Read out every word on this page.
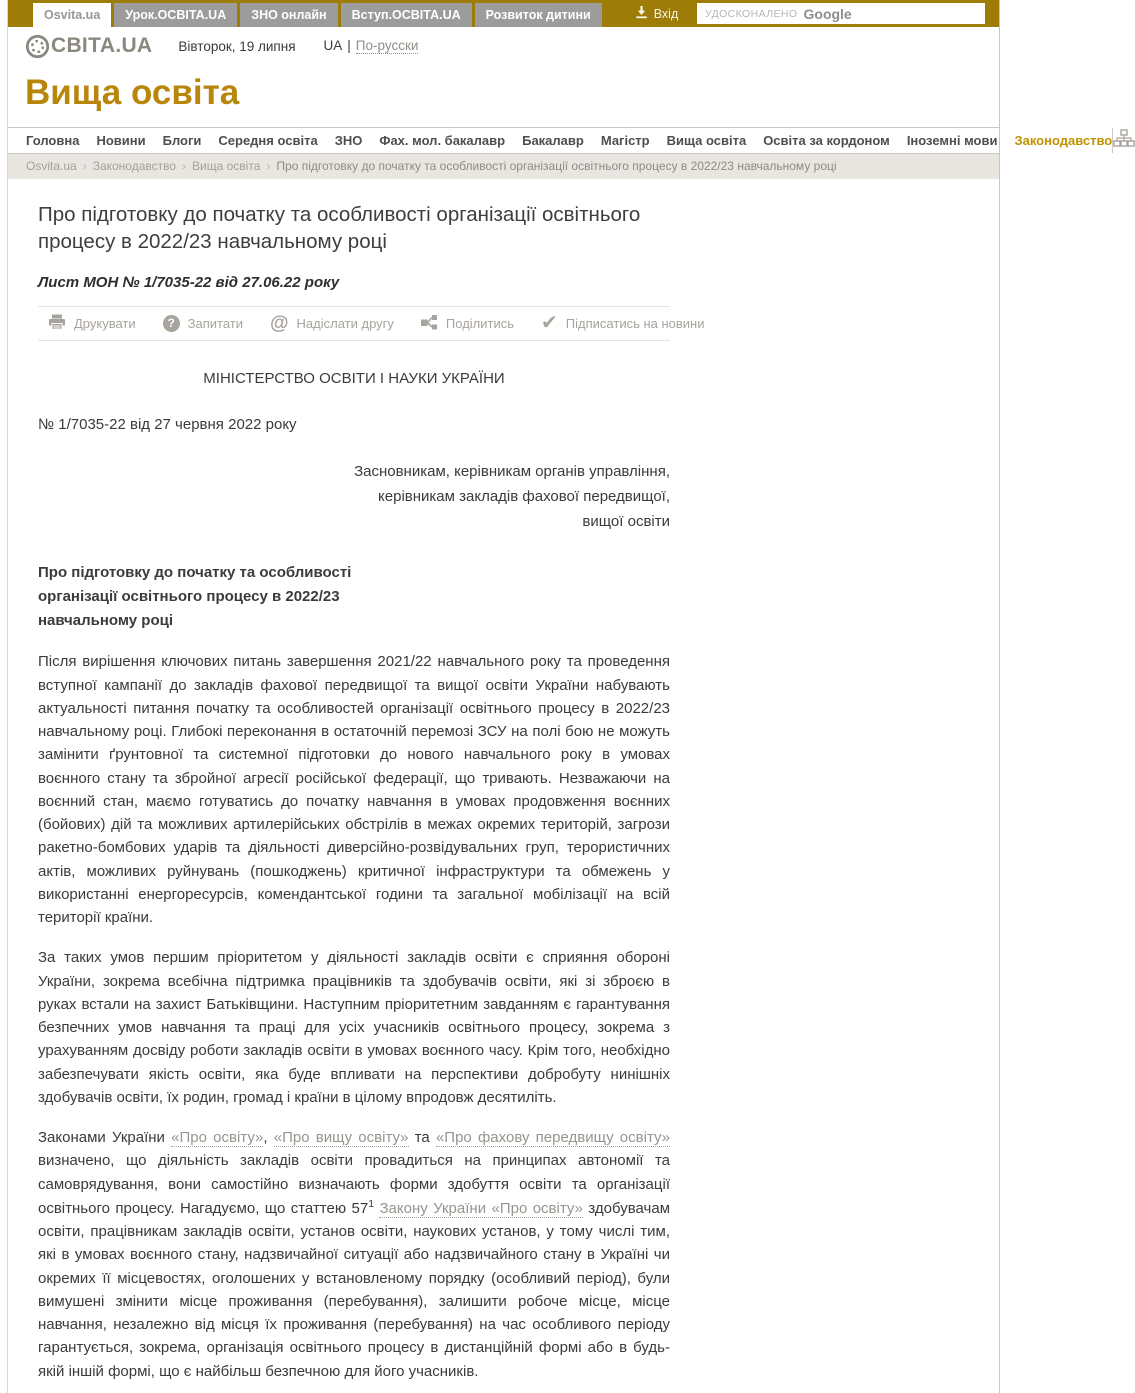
Osvita.ua	Урок.ОСВІТА.UA	ЗНО онлайн	Вступ.ОСВІТА.UA	Розвиток дитини	Вхід	УДОСКОНАЛЕНО Google
СВІТА.UA Вівторок, 19 липня UA | По-русски
Вища освіта
Головна Новини Блоги Середня освіта ЗНО Фах. мол. бакалавр Бакалавр Магістр Вища освіта Освіта за кордоном Іноземні мови Законодавство
Osvita.ua › Законодавство › Вища освіта › Про підготовку до початку та особливості організації освітнього процесу в 2022/23 навчальному році
Про підготовку до початку та особливості організації освітнього процесу в 2022/23 навчальному році
Лист МОН № 1/7035-22 від 27.06.22 року
Друкувати	? Запитати @ Надіслати другу	Поділитись ✔ Підписатись на новини
МІНІСТЕРСТВО ОСВІТИ І НАУКИ УКРАЇНИ
№ 1/7035-22 від 27 червня 2022 року
Засновникам, керівникам органів управління,
керівникам закладів фахової передвищої,
вищої освіти
Про підготовку до початку та особливості організації освітнього процесу в 2022/23 навчальному році

Після вирішення ключових питань завершення 2021/22 навчального року та проведення вступної кампанії до закладів фахової передвищої та вищої освіти України набувають актуальності питання початку та особливостей організації освітнього процесу в 2022/23 навчальному році. Глибокі переконання в остаточній перемозі ЗСУ на полі бою не можуть замінити ґрунтовної та системної підготовки до нового навчального року в умовах воєнного стану та збройної агресії російської федерації, що тривають. Незважаючи на воєнний стан, маємо готуватись до початку навчання в умовах продовження воєнних (бойових) дій та можливих артилерійських обстрілів в межах окремих територій, загрози ракетно-бомбових ударів та діяльності диверсійно-розвідувальних груп, терористичних актів, можливих руйнувань (пошкоджень) критичної інфраструктури та обмежень у використанні енергоресурсів, комендантської години та загальної мобілізації на всій території країни.

За таких умов першим пріоритетом у діяльності закладів освіти є сприяння обороні України, зокрема всебічна підтримка працівників та здобувачів освіти, які зі зброєю в руках встали на захист Батьківщини. Наступним пріоритетним завданням є гарантування безпечних умов навчання та праці для усіх учасників освітнього процесу, зокрема з урахуванням досвіду роботи закладів освіти в умовах воєнного часу. Крім того, необхідно забезпечувати якість освіти, яка буде впливати на перспективи добробуту нинішніх здобувачів освіти, їх родин, громад і країни в цілому впродовж десятиліть.

Законами України «Про освіту», «Про вищу освіту» та «Про фахову передвищу освіту» визначено, що діяльність закладів освіти провадиться на принципах автономії та самоврядування, вони самостійно визначають форми здобуття освіти та організації освітнього процесу. Нагадуємо, що статтею $57^1$ Закону України «Про освіту» здобувачам освіти, працівникам закладів освіти, установ освіти, наукових установ, у тому числі тим, які в умовах воєнного стану, надзвичайної ситуації або надзвичайного стану в Україні чи окремих її місцевостях, оголошених у встановленому порядку (особливий період), були вимушені змінити місце проживання (перебування), залишити робоче місце, місце навчання, незалежно від місця їх проживання (перебування) на час особливого періоду гарантується, зокрема, організація освітнього процесу в дистанційній формі або в будь-якій іншій формі, що є найбільш безпечною для його учасників.
